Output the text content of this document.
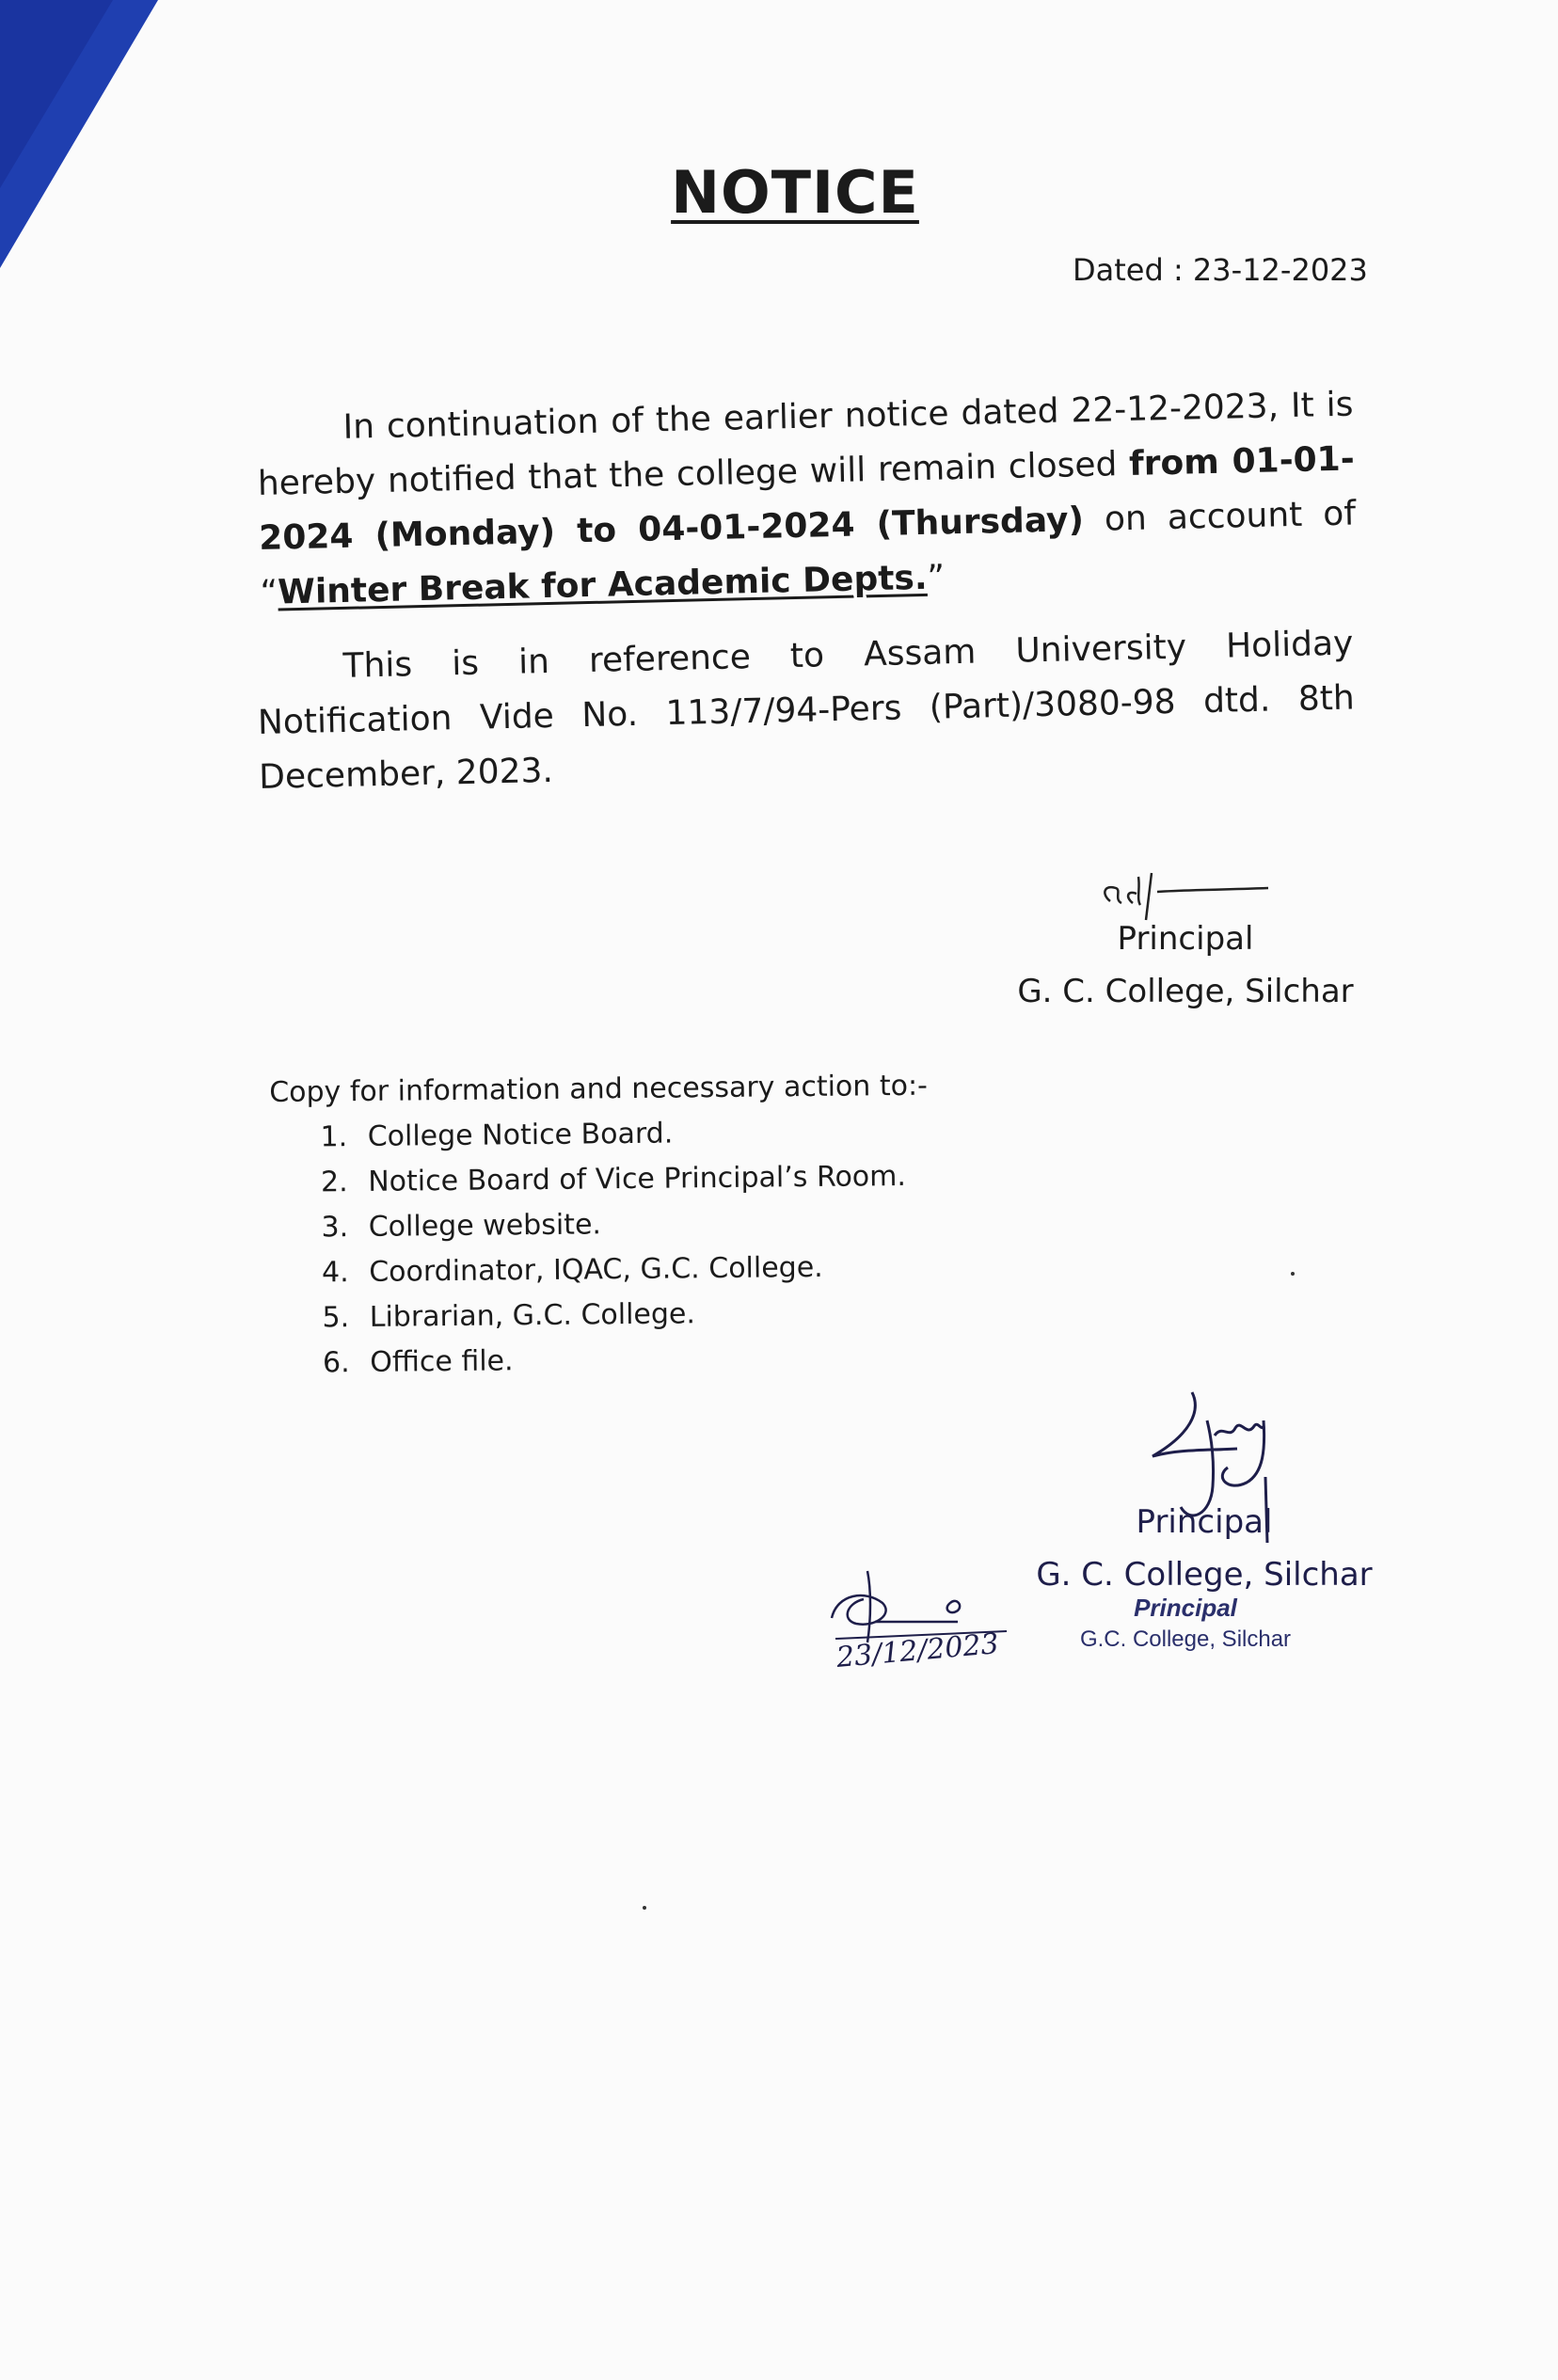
NOTICE
Dated : 23-12-2023

In continuation of the earlier notice dated 22-12-2023, It is hereby notified that the college will remain closed from 01-01-2024 (Monday) to 04-01-2024 (Thursday) on account of “Winter Break for Academic Depts.”

This is in reference to Assam University Holiday Notification Vide No. 113/7/94-Pers (Part)/3080-98 dtd. 8th December, 2023.

Sd/-
Principal
G. C. College, Silchar
Copy for information and necessary action to:-
1. College Notice Board.
2. Notice Board of Vice Principal’s Room.
3. College website.
4. Coordinator, IQAC, G.C. College.
5. Librarian, G.C. College.
6. Office file.
Principal
G. C. College, Silchar
Principal
G.C. College, Silchar
23/12/2023
